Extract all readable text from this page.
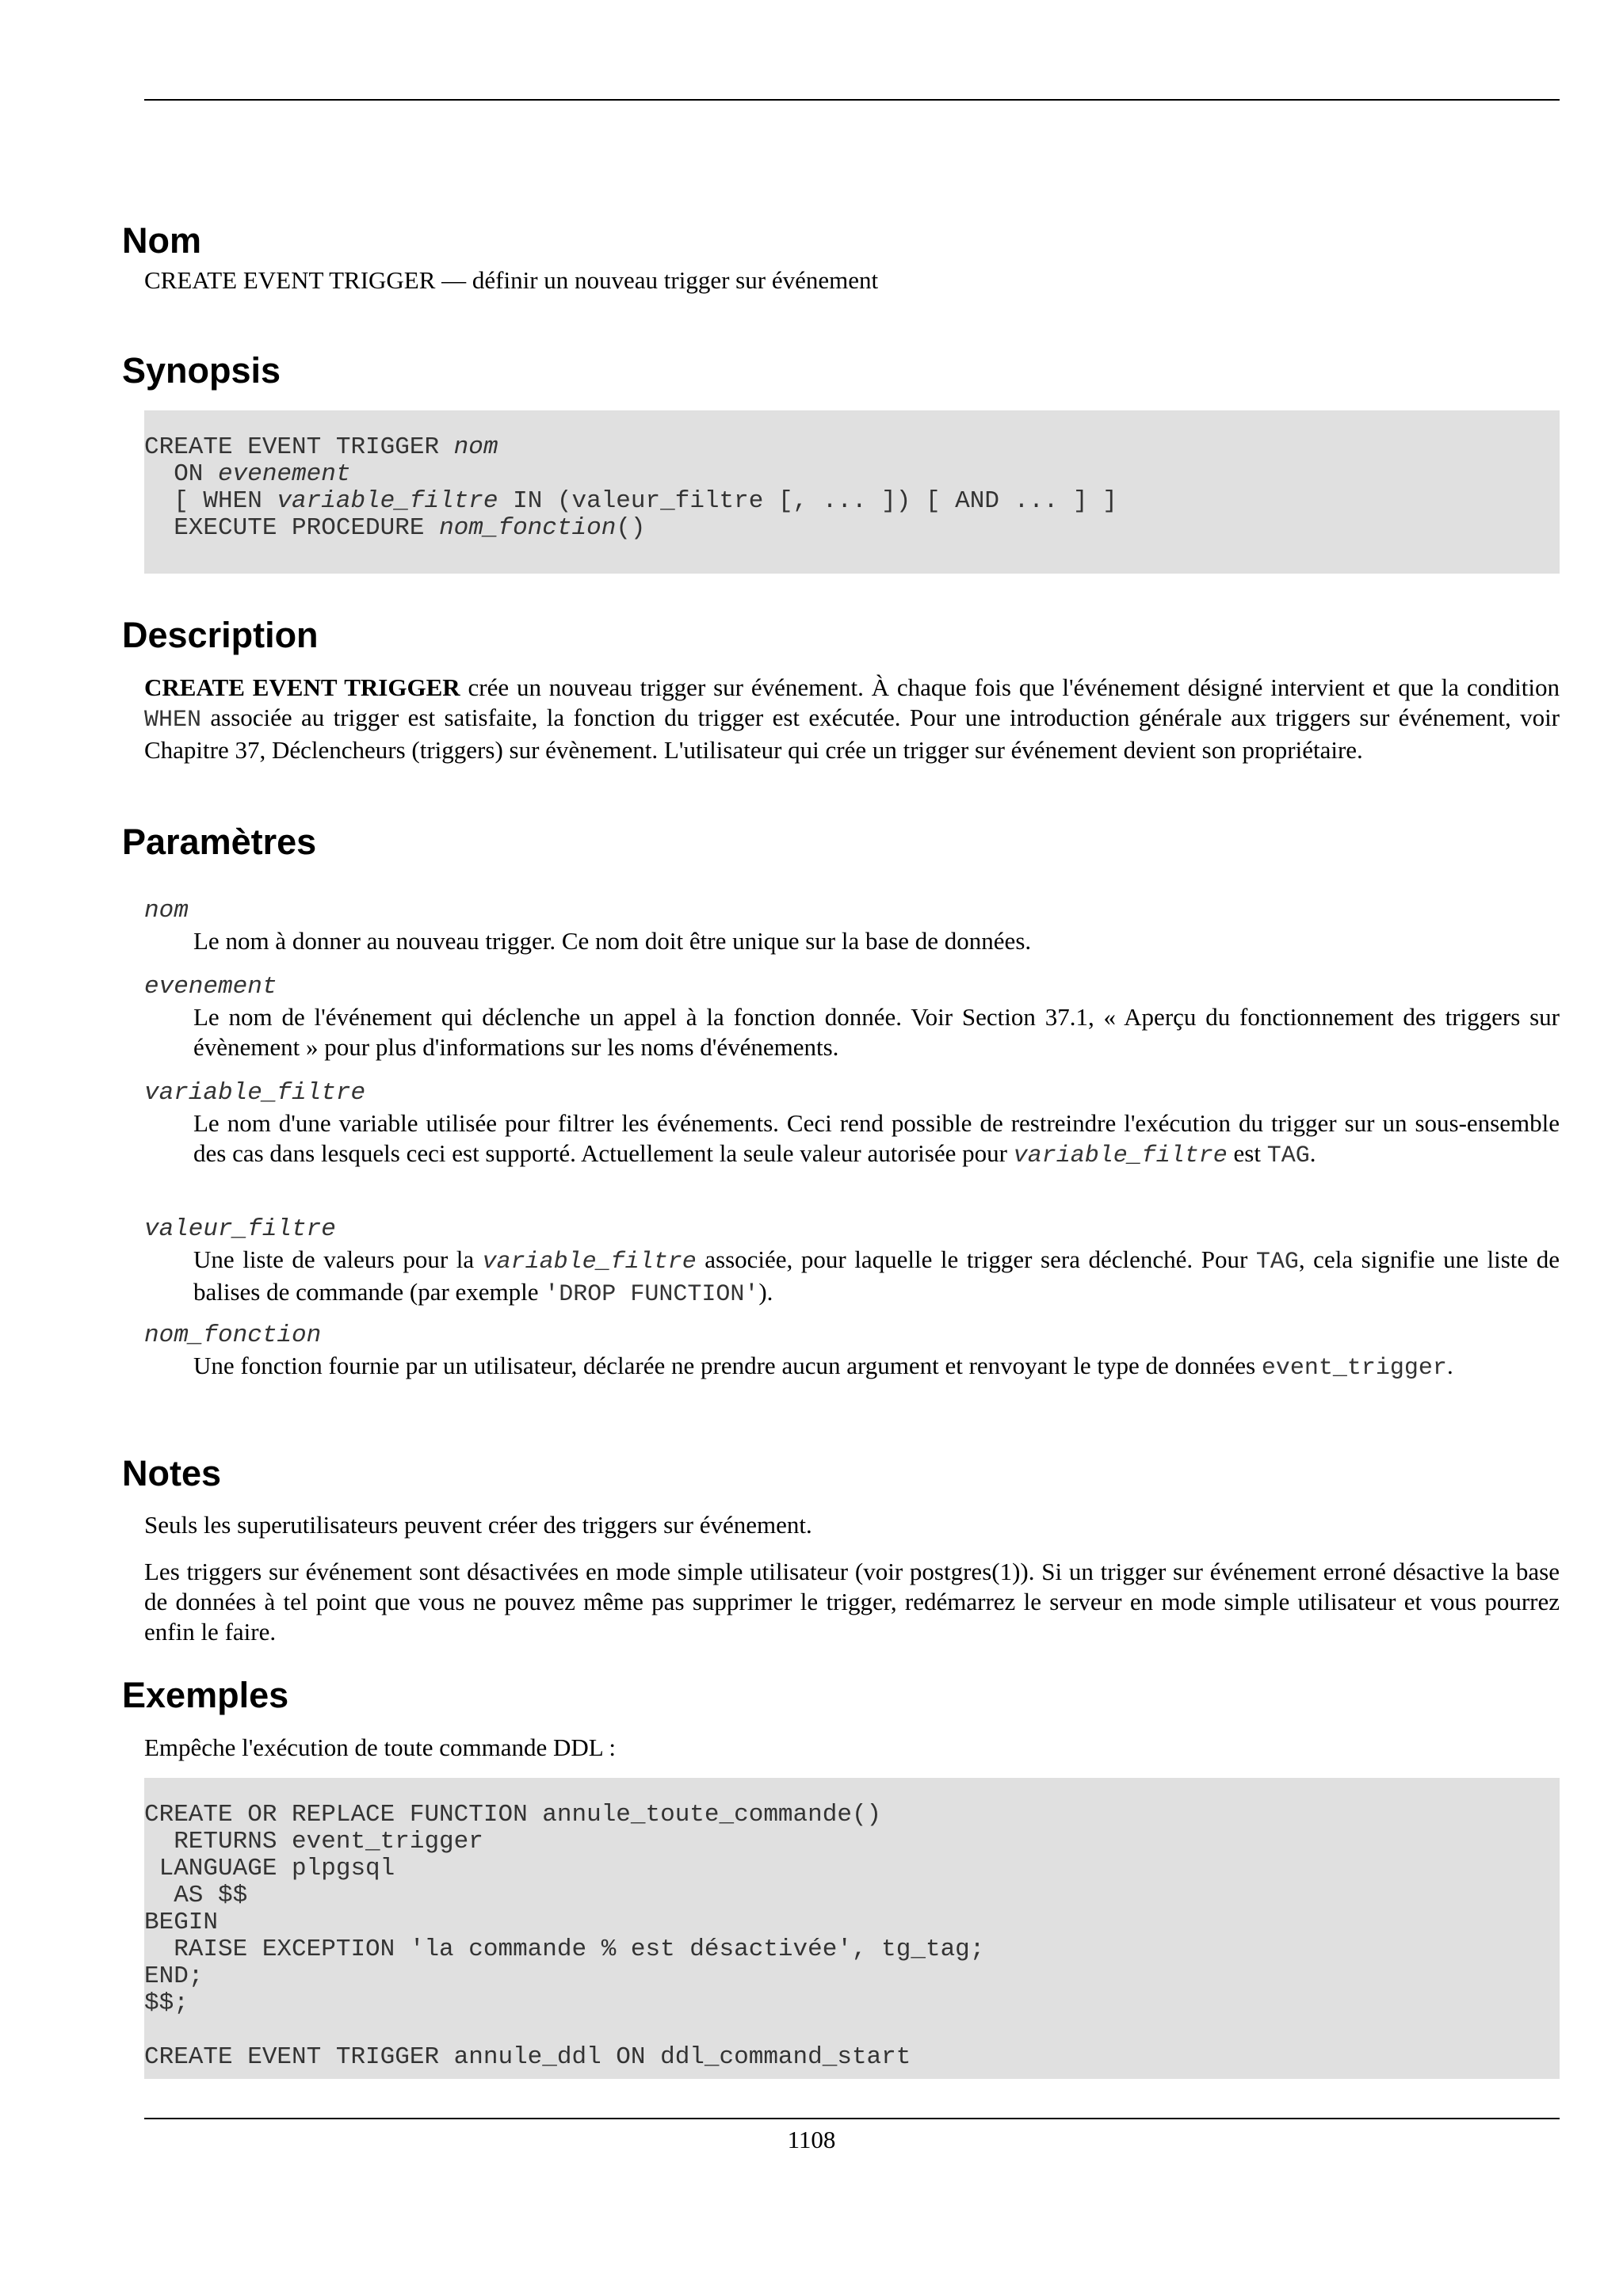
Nom

CREATE EVENT TRIGGER — définir un nouveau trigger sur événement

Synopsis
CREATE EVENT TRIGGER nom
ON evenement
[ WHEN variable_filtre IN (valeur_filtre [, ... ]) [ AND ... ] ]
EXECUTE PROCEDURE nom_fonction()
Description

CREATE EVENT TRIGGER crée un nouveau trigger sur événement. À chaque fois que l'événement désigné intervient et que la condition WHEN associée au trigger est satisfaite, la fonction du trigger est exécutée. Pour une introduction générale aux triggers sur événement, voir Chapitre 37, Déclencheurs (triggers) sur évènement. L'utilisateur qui crée un trigger sur événement devient son propriétaire.

Paramètres

nom

Le nom à donner au nouveau trigger. Ce nom doit être unique sur la base de données.

evenement

Le nom de l'événement qui déclenche un appel à la fonction donnée. Voir Section 37.1, « Aperçu du fonctionnement des triggers sur évènement » pour plus d'informations sur les noms d'événements.

variable_filtre

Le nom d'une variable utilisée pour filtrer les événements. Ceci rend possible de restreindre l'exécution du trigger sur un sous-ensemble des cas dans lesquels ceci est supporté. Actuellement la seule valeur autorisée pour variable_filtre est TAG.

valeur_filtre

Une liste de valeurs pour la variable_filtre associée, pour laquelle le trigger sera déclenché. Pour TAG, cela signifie une liste de balises de commande (par exemple 'DROP FUNCTION').

nom_fonction

Une fonction fournie par un utilisateur, déclarée ne prendre aucun argument et renvoyant le type de données event_trigger.

Notes

Seuls les superutilisateurs peuvent créer des triggers sur événement.

Les triggers sur événement sont désactivées en mode simple utilisateur (voir postgres(1)). Si un trigger sur événement erroné désactive la base de données à tel point que vous ne pouvez même pas supprimer le trigger, redémarrez le serveur en mode simple utilisateur et vous pourrez enfin le faire.

Exemples

Empêche l'exécution de toute commande DDL :

CREATE OR REPLACE FUNCTION annule_toute_commande()
RETURNS event_trigger
LANGUAGE plpgsql
AS $$
BEGIN
RAISE EXCEPTION 'la commande % est désactivée', tg_tag;
END;
$$;

CREATE EVENT TRIGGER annule_ddl ON ddl_command_start
1108
